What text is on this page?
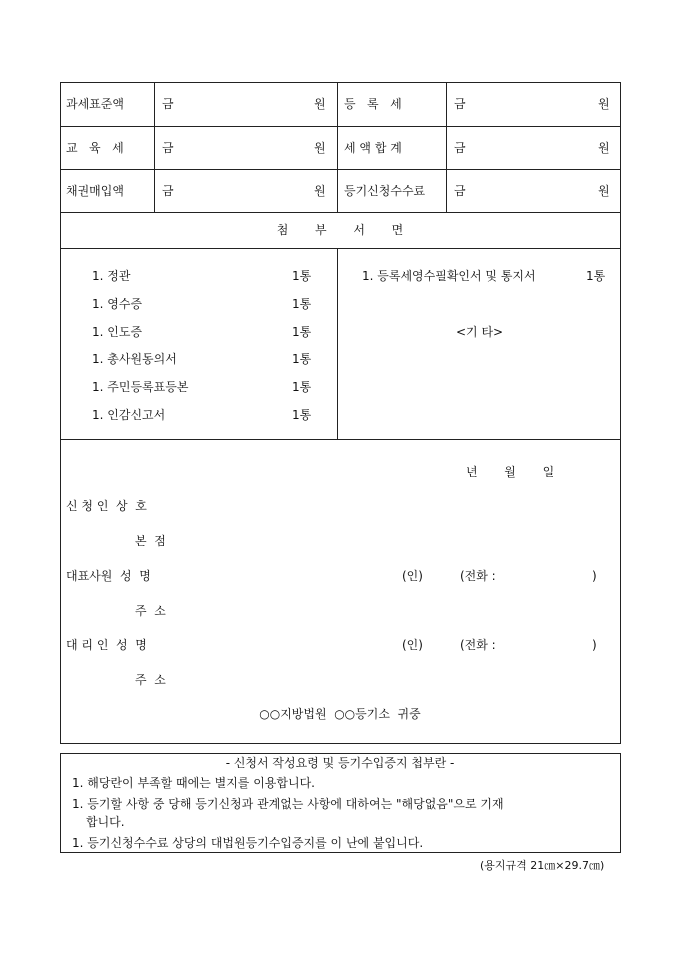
과세표준액	금	원 등   록   세	금	원
교   육   세	금	원 세 액 합 계	금	원
채권매입액	금	원 등기신청수수료 금	원
첨       부       서       면
1. 정관	1통
1. 영수증	1통
1. 인도증	1통
1. 총사원동의서	1통
1. 주민등록표등본	1통
1. 인감신고서	1통
1. 등록세영수필확인서 및 통지서	1통
<기 타>
년       월       일
신 청 인  상  호
본  점
대표사원  성  명	(인)	(전화 :	)
주  소
대 리 인  성  명	(인)	(전화 :	)
주  소
○○지방법원  ○○등기소  귀중
- 신청서 작성요령 및 등기수입증지 첩부란 -
1. 해당란이 부족할 때에는 별지를 이용합니다.
1. 등기할 사항 중 당해 등기신청과 관계없는 사항에 대하여는 "해당없음"으로 기재
합니다.
1. 등기신청수수료 상당의 대법원등기수입증지를 이 난에 붙입니다.
(용지규격 21㎝×29.7㎝)
